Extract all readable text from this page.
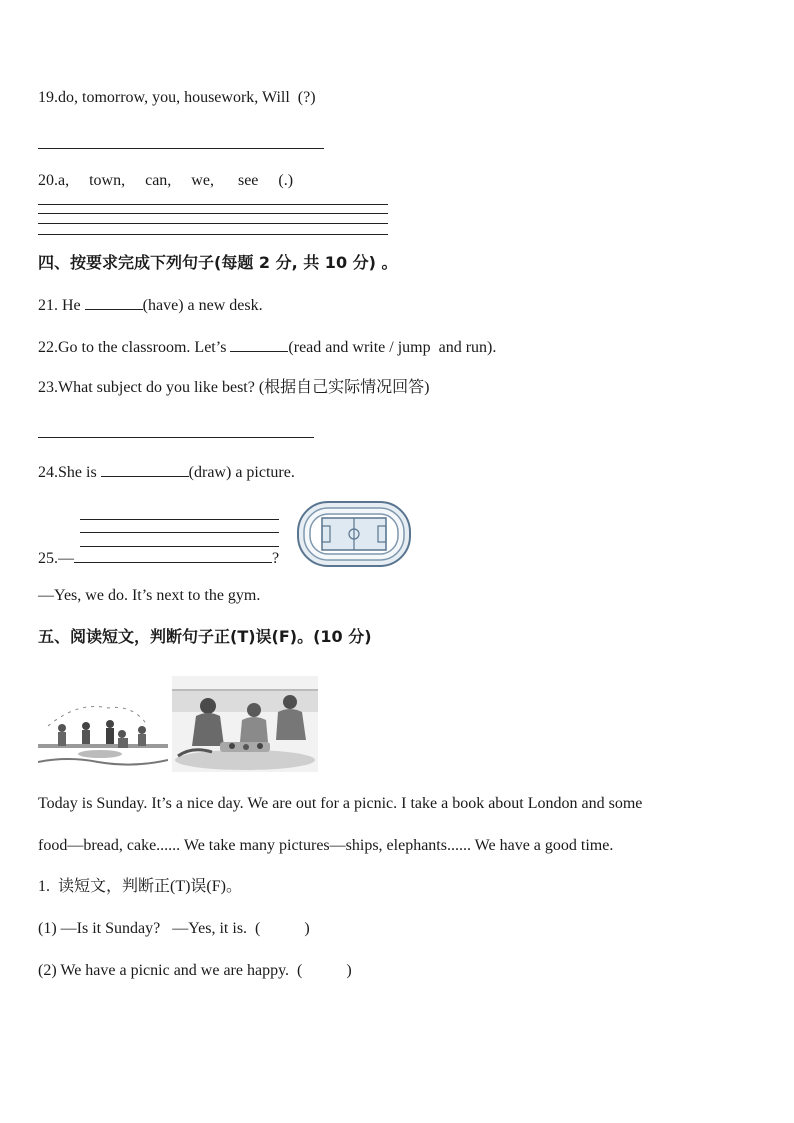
19.do, tomorrow, you, housework, Will  (?)
20.a,     town,     can,     we,      see     (.)
四、按要求完成下列句子(每题 2 分, 共 10 分) 。
21. He	(have) a new desk.
22.Go to the classroom. Let’s	(read and write / jump  and run).
23.What subject do you like best? (根据自己实际情况回答)
24.She is	(draw) a picture.
25.—	?
—Yes, we do. It’s next to the gym.
五、阅读短文，判断句子正(T)误(F)。(10 分)
Today is Sunday. It’s a nice day. We are out for a picnic. I take a book about London and some
food—bread, cake...... We take many pictures—ships, elephants...... We have a good time.
1.  读短文，判断正(T)误(F)。
(1) —Is it Sunday?   —Yes, it is.  (           )
(2) We have a picnic and we are happy.  (           )
